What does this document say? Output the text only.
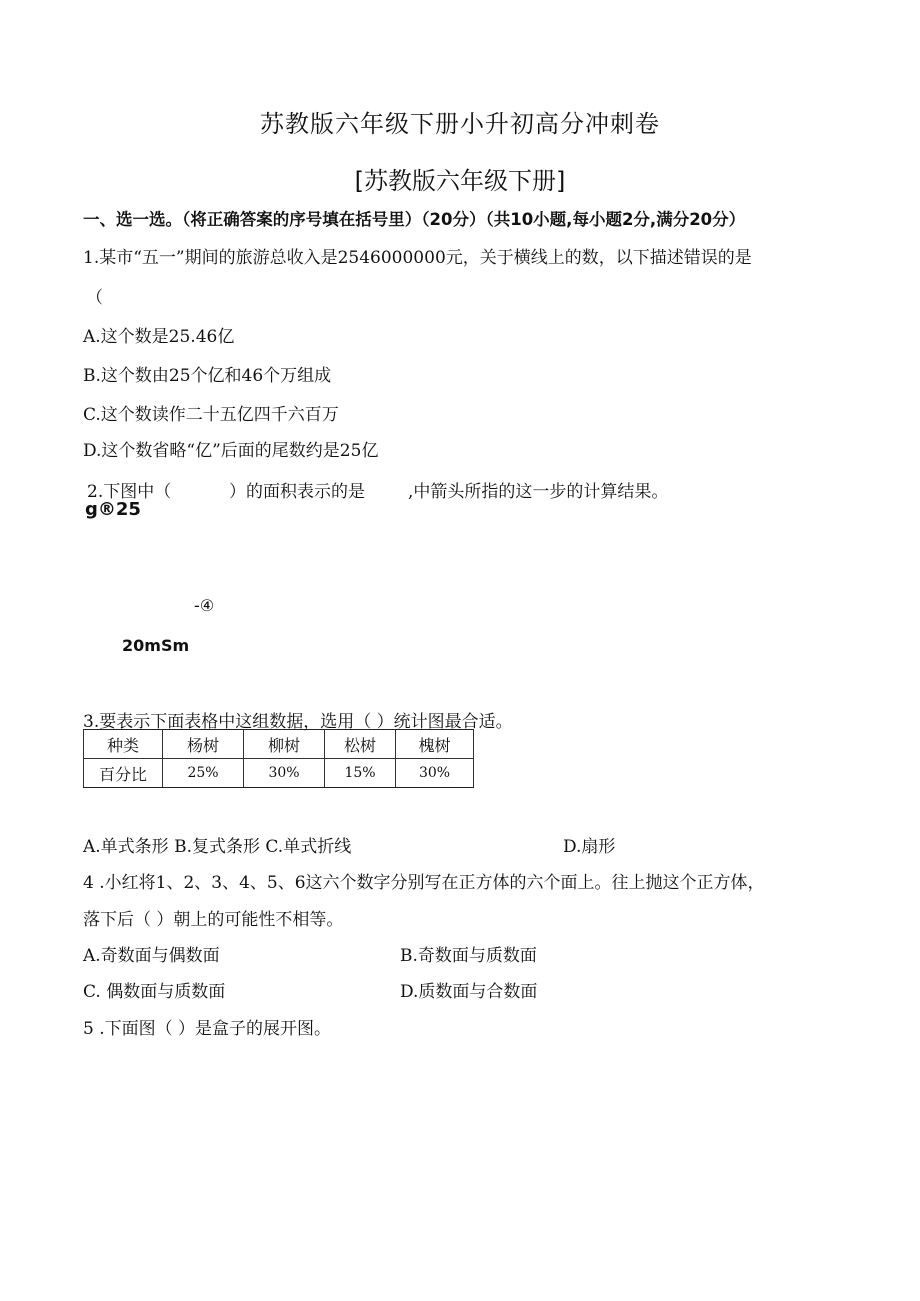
苏教版六年级下册小升初高分冲刺卷
[苏教版六年级下册]
一、选一选。（将正确答案的序号填在括号里）（20分）（共10小题,每小题2分,满分20分）
1.某市“五一”期间的旅游总收入是2546000000元，关于横线上的数，以下描述错误的是
（
A.这个数是25.46亿
B.这个数由25个亿和46个万组成
C.这个数读作二十五亿四千六百万
D.这个数省略“亿”后面的尾数约是25亿
2.下图中（	）的面积表示的是	,中箭头所指的这一步的计算结果。
g®25
-④
20mSm
3.要表示下面表格中这组数据，选用（ ）统计图最合适。
种类	杨树	柳树	松树	槐树
百分比	25%	30%	15%	30%
A.单式条形 B.复式条形 C.单式折线	D.扇形
4 .小红将1、2、3、4、5、6这六个数字分别写在正方体的六个面上。往上抛这个正方体，
落下后（ ）朝上的可能性不相等。
A.奇数面与偶数面	B.奇数面与质数面
C. 偶数面与质数面	D.质数面与合数面
5 .下面图（ ）是盒子的展开图。
